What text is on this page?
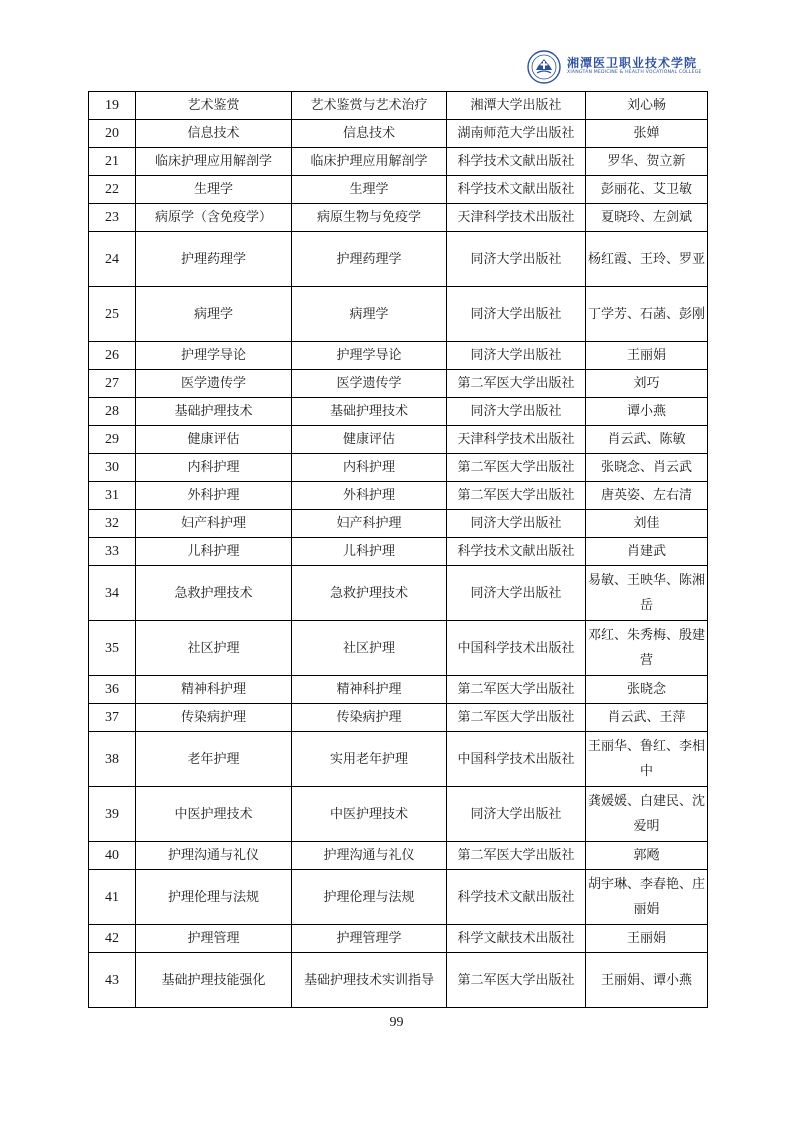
湘潭医卫职业技术学院
XIANGTAN MEDICINE & HEALTH VOCATIONAL COLLEGE
19	艺术鉴赏	艺术鉴赏与艺术治疗	湘潭大学出版社	刘心畅
20	信息技术	信息技术	湖南师范大学出版社	张婵
21	临床护理应用解剖学	临床护理应用解剖学	科学技术文献出版社	罗华、贺立新
22	生理学	生理学	科学技术文献出版社	彭丽花、艾卫敏
23	病原学（含免疫学）	病原生物与免疫学	天津科学技术出版社	夏晓玲、左剑斌
24	护理药理学	护理药理学	同济大学出版社	杨红霞、王玲、罗亚
25	病理学	病理学	同济大学出版社	丁学芳、石菡、彭刚
26	护理学导论	护理学导论	同济大学出版社	王丽娟
27	医学遗传学	医学遗传学	第二军医大学出版社	刘巧
28	基础护理技术	基础护理技术	同济大学出版社	谭小燕
29	健康评估	健康评估	天津科学技术出版社	肖云武、陈敏
30	内科护理	内科护理	第二军医大学出版社	张晓念、肖云武
31	外科护理	外科护理	第二军医大学出版社	唐英姿、左右清
32	妇产科护理	妇产科护理	同济大学出版社	刘佳
33	儿科护理	儿科护理	科学技术文献出版社	肖建武
34	急救护理技术	急救护理技术	同济大学出版社	易敏、王映华、陈湘岳
35	社区护理	社区护理	中国科学技术出版社	邓红、朱秀梅、殷建营
36	精神科护理	精神科护理	第二军医大学出版社	张晓念
37	传染病护理	传染病护理	第二军医大学出版社	肖云武、王萍
38	老年护理	实用老年护理	中国科学技术出版社	王丽华、鲁红、李相中
39	中医护理技术	中医护理技术	同济大学出版社	龚媛媛、白建民、沈爱明
40	护理沟通与礼仪	护理沟通与礼仪	第二军医大学出版社	郭飏
41	护理伦理与法规	护理伦理与法规	科学技术文献出版社	胡宇琳、李春艳、庄丽娟
42	护理管理	护理管理学	科学文献技术出版社	王丽娟
43	基础护理技能强化	基础护理技术实训指导	第二军医大学出版社	王丽娟、谭小燕
99
